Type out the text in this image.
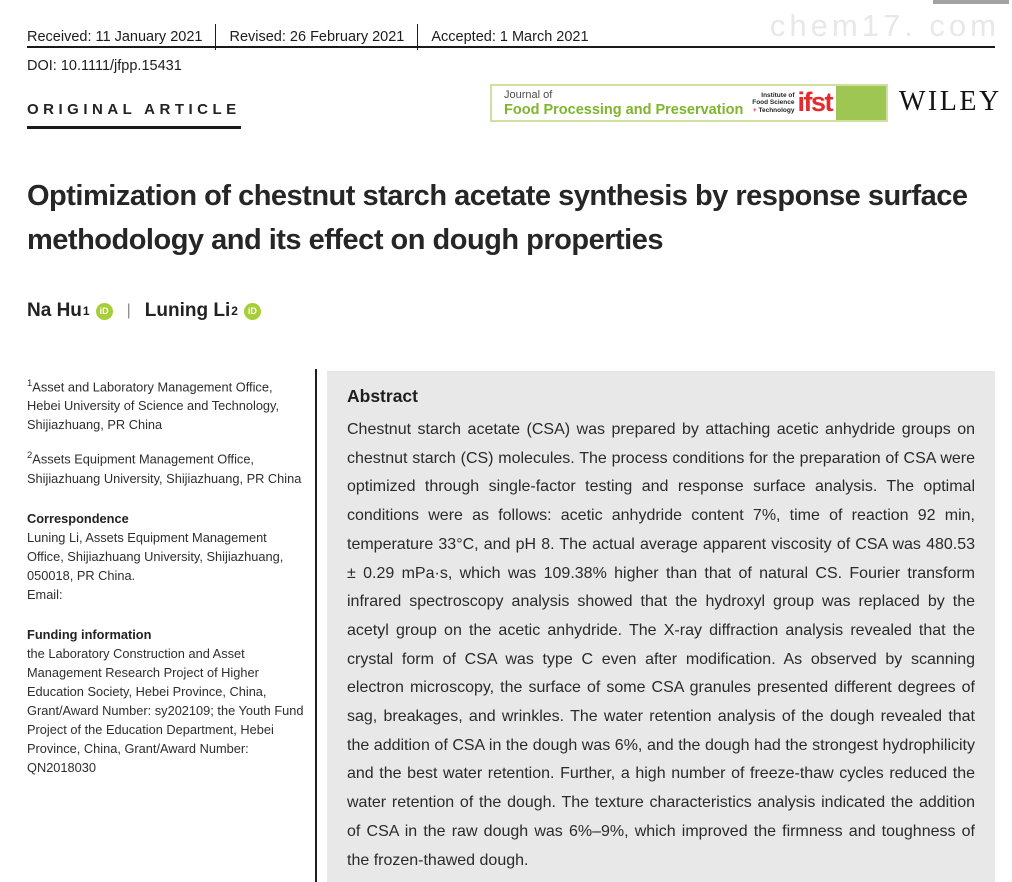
chem17. com
Received: 11 January 2021 Revised: 26 February 2021 Accepted: 1 March 2021
DOI: 10.1111/jfpp.15431
ORIGINAL ARTICLE
Journal of
Food Processing and Preservation
Institute of
Food Science
+ Technology ifst WILEY
Optimization of chestnut starch acetate synthesis by response surface methodology and its effect on dough properties
Na Hu 1	iD | Luning Li 2	iD

$^1$Asset and Laboratory Management Office, Hebei University of Science and Technology, Shijiazhuang, PR China

$^2$Assets Equipment Management Office, Shijiazhuang University, Shijiazhuang, PR China

Correspondence
Luning Li, Assets Equipment Management Office, Shijiazhuang University, Shijiazhuang, 050018, PR China.
Email:
Funding information
the Laboratory Construction and Asset Management Research Project of Higher Education Society, Hebei Province, China, Grant/Award Number: sy202109; the Youth Fund Project of the Education Department, Hebei Province, China, Grant/Award Number: QN2018030
Abstract

Chestnut starch acetate (CSA) was prepared by attaching acetic anhydride groups on chestnut starch (CS) molecules. The process conditions for the preparation of CSA were optimized through single-factor testing and response surface analysis. The optimal conditions were as follows: acetic anhydride content 7%, time of reaction 92 min, temperature 33°C, and pH 8. The actual average apparent viscosity of CSA was 480.53 ± 0.29 mPa·s, which was 109.38% higher than that of natural CS. Fourier transform infrared spectroscopy analysis showed that the hydroxyl group was replaced by the acetyl group on the acetic anhydride. The X-ray diffraction analysis revealed that the crystal form of CSA was type C even after modification. As observed by scanning electron microscopy, the surface of some CSA granules presented different degrees of sag, breakages, and wrinkles. The water retention analysis of the dough revealed that the addition of CSA in the dough was 6%, and the dough had the strongest hydrophilicity and the best water retention. Further, a high number of freeze-thaw cycles reduced the water retention of the dough. The texture characteristics analysis indicated the addition of CSA in the raw dough was 6%–9%, which improved the firmness and toughness of the frozen-thawed dough.
